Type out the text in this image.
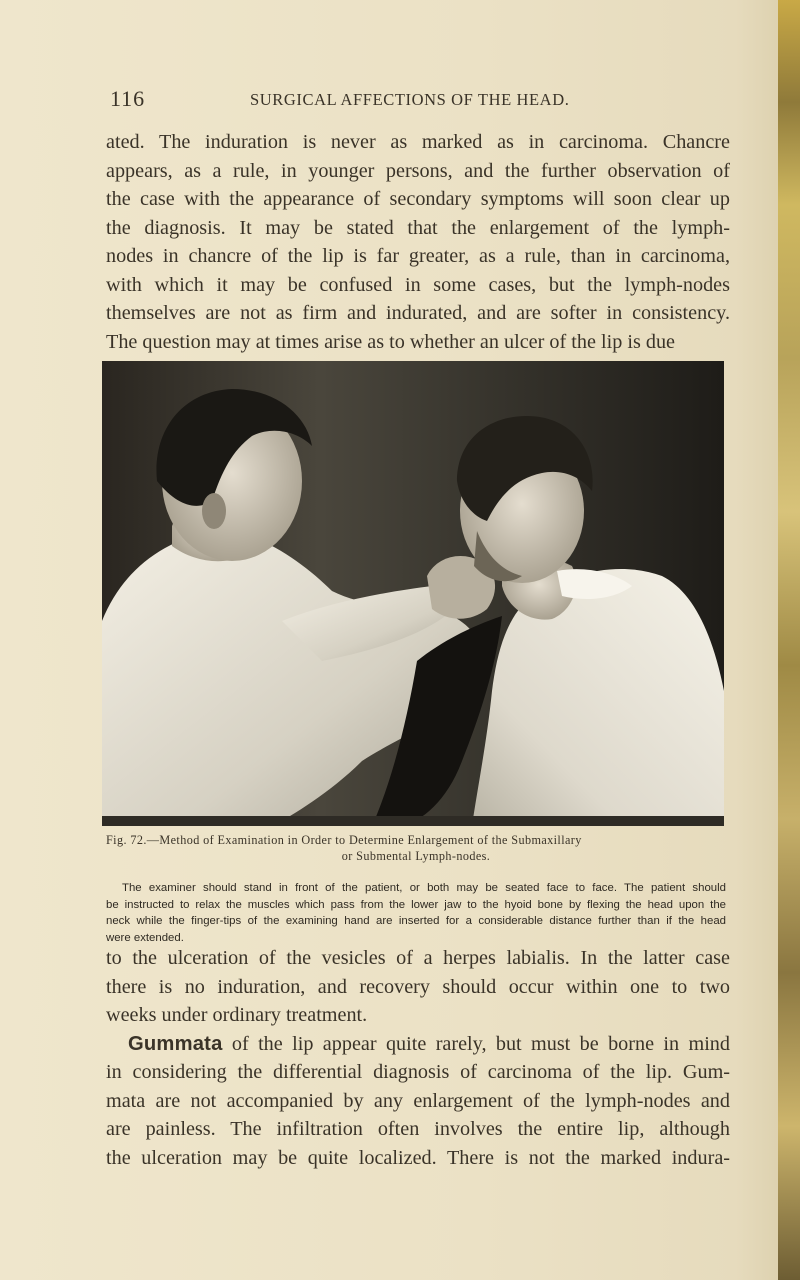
116	SURGICAL AFFECTIONS OF THE HEAD.

ated. The induration is never as marked as in carcinoma. Chancre
appears, as a rule, in younger persons, and the further observation of
the case with the appearance of secondary symptoms will soon clear up
the diagnosis. It may be stated that the enlargement of the lymph-
nodes in chancre of the lip is far greater, as a rule, than in carcinoma,
with which it may be confused in some cases, but the lymph-nodes
themselves are not as firm and indurated, and are softer in consistency.
The question may at times arise as to whether an ulcer of the lip is due

Fig. 72.—Method of Examination in Order to Determine Enlargement of the Submaxillary
or Submental Lymph-nodes.
The examiner should stand in front of the patient, or both may be seated face to face. The patient should
be instructed to relax the muscles which pass from the lower jaw to the hyoid bone by flexing the head upon the
neck while the finger-tips of the examining hand are inserted for a considerable distance further than if the head
were extended.

to the ulceration of the vesicles of a herpes labialis. In the latter case
there is no induration, and recovery should occur within one to two
weeks under ordinary treatment.
Gummata of the lip appear quite rarely, but must be borne in mind
in considering the differential diagnosis of carcinoma of the lip. Gum-
mata are not accompanied by any enlargement of the lymph-nodes and
are painless. The infiltration often involves the entire lip, although
the ulceration may be quite localized. There is not the marked indura-
